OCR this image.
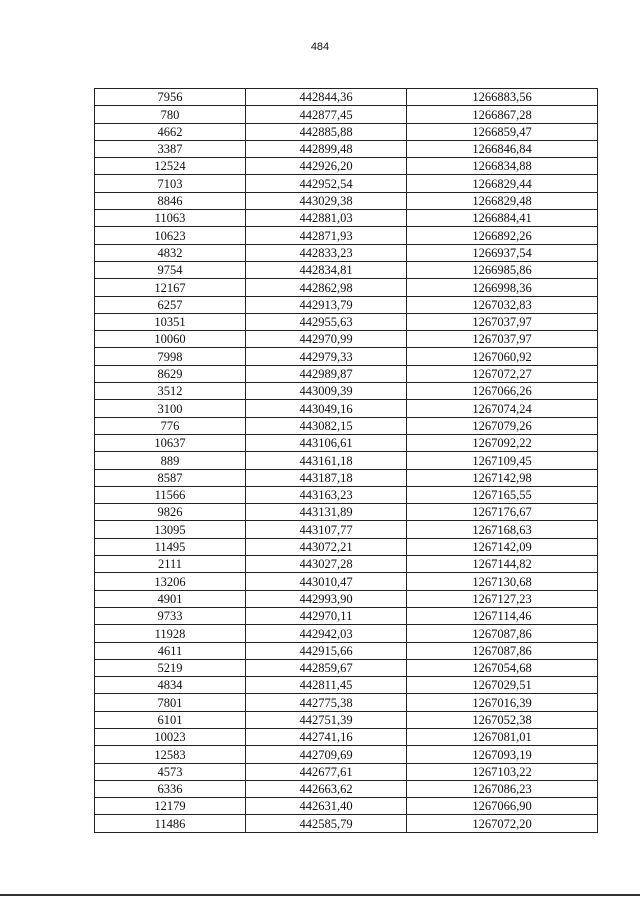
484
7956	442844,36	1266883,56
780	442877,45	1266867,28
4662	442885,88	1266859,47
3387	442899,48	1266846,84
12524	442926,20	1266834,88
7103	442952,54	1266829,44
8846	443029,38	1266829,48
11063	442881,03	1266884,41
10623	442871,93	1266892,26
4832	442833,23	1266937,54
9754	442834,81	1266985,86
12167	442862,98	1266998,36
6257	442913,79	1267032,83
10351	442955,63	1267037,97
10060	442970,99	1267037,97
7998	442979,33	1267060,92
8629	442989,87	1267072,27
3512	443009,39	1267066,26
3100	443049,16	1267074,24
776	443082,15	1267079,26
10637	443106,61	1267092,22
889	443161,18	1267109,45
8587	443187,18	1267142,98
11566	443163,23	1267165,55
9826	443131,89	1267176,67
13095	443107,77	1267168,63
11495	443072,21	1267142,09
2111	443027,28	1267144,82
13206	443010,47	1267130,68
4901	442993,90	1267127,23
9733	442970,11	1267114,46
11928	442942,03	1267087,86
4611	442915,66	1267087,86
5219	442859,67	1267054,68
4834	442811,45	1267029,51
7801	442775,38	1267016,39
6101	442751,39	1267052,38
10023	442741,16	1267081,01
12583	442709,69	1267093,19
4573	442677,61	1267103,22
6336	442663,62	1267086,23
12179	442631,40	1267066,90
11486	442585,79	1267072,20
